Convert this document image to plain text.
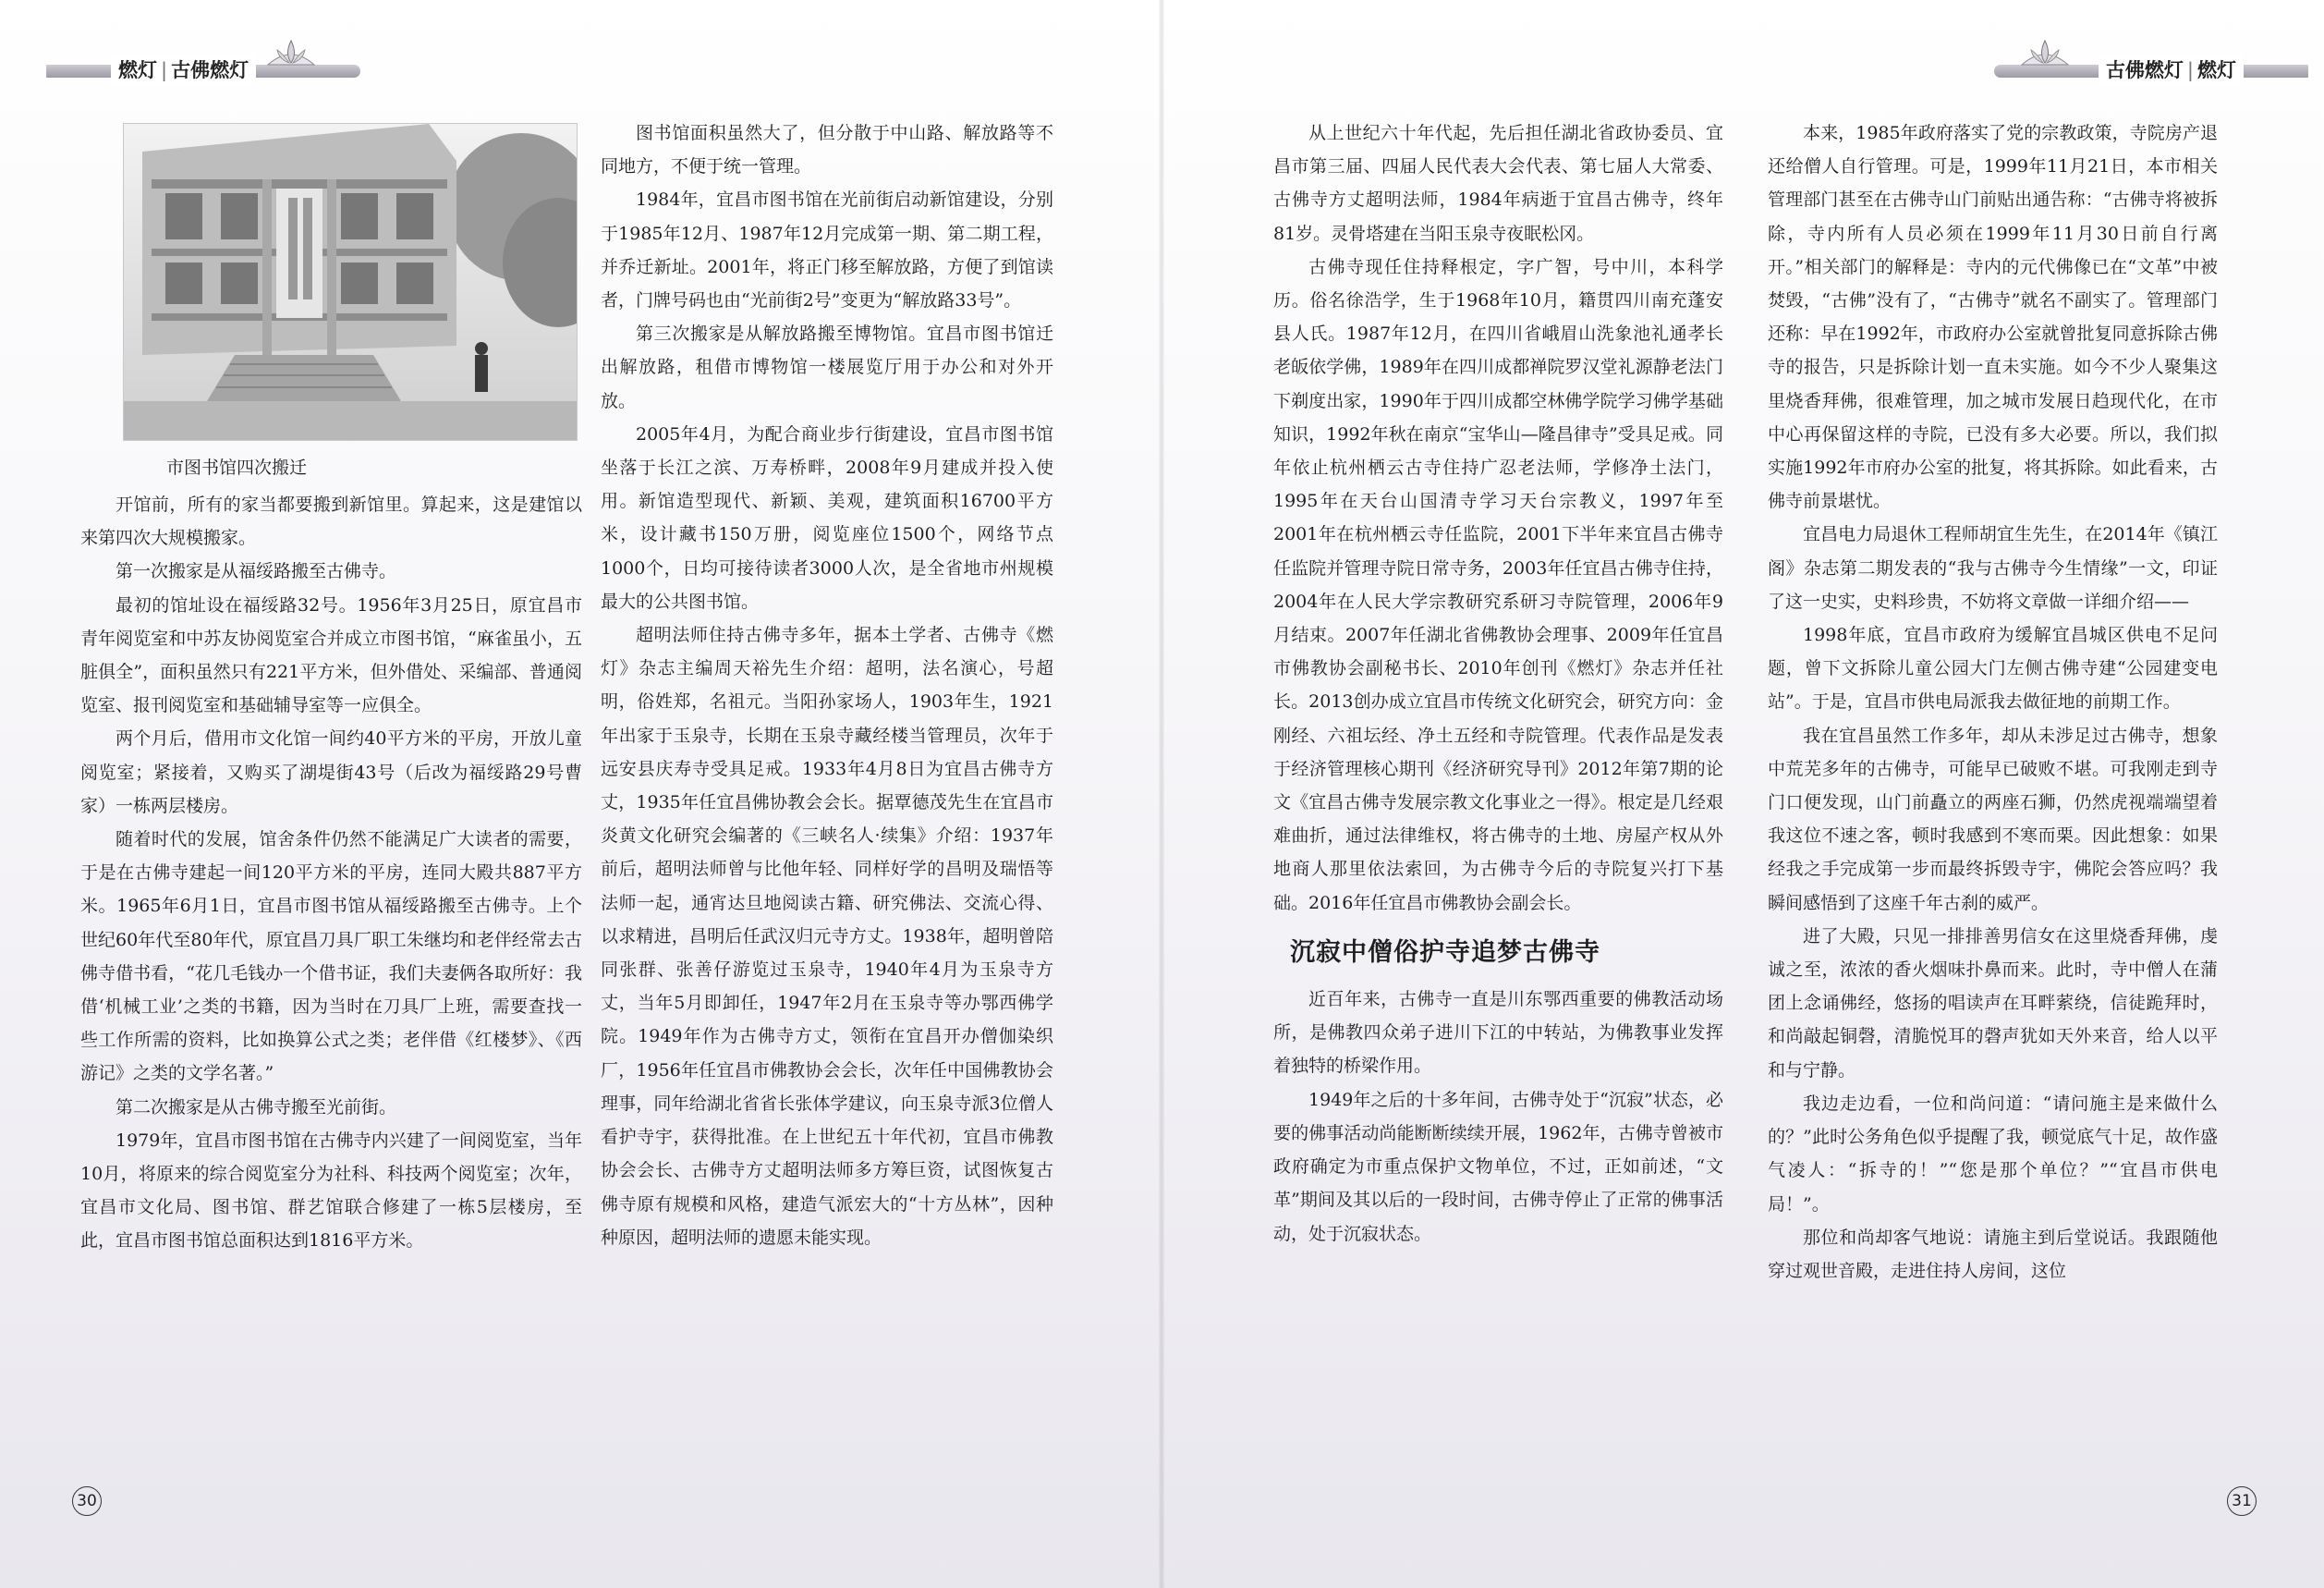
燃灯 | 古佛燃灯
市图书馆四次搬迁

开馆前，所有的家当都要搬到新馆里。算起来，这是建馆以来第四次大规模搬家。

第一次搬家是从福绥路搬至古佛寺。

最初的馆址设在福绥路32号。1956年3月25日，原宜昌市青年阅览室和中苏友协阅览室合并成立市图书馆，“麻雀虽小，五脏俱全”，面积虽然只有221平方米，但外借处、采编部、普通阅览室、报刊阅览室和基础辅导室等一应俱全。

两个月后，借用市文化馆一间约40平方米的平房，开放儿童阅览室；紧接着，又购买了湖堤街43号（后改为福绥路29号曹家）一栋两层楼房。

随着时代的发展，馆舍条件仍然不能满足广大读者的需要，于是在古佛寺建起一间120平方米的平房，连同大殿共887平方米。1965年6月1日，宜昌市图书馆从福绥路搬至古佛寺。上个世纪60年代至80年代，原宜昌刀具厂职工朱继均和老伴经常去古佛寺借书看，“花几毛钱办一个借书证，我们夫妻俩各取所好：我借‘机械工业’之类的书籍，因为当时在刀具厂上班，需要查找一些工作所需的资料，比如换算公式之类；老伴借《红楼梦》、《西游记》之类的文学名著。”

第二次搬家是从古佛寺搬至光前街。

1979年，宜昌市图书馆在古佛寺内兴建了一间阅览室，当年10月，将原来的综合阅览室分为社科、科技两个阅览室；次年，宜昌市文化局、图书馆、群艺馆联合修建了一栋5层楼房，至此，宜昌市图书馆总面积达到1816平方米。

图书馆面积虽然大了，但分散于中山路、解放路等不同地方，不便于统一管理。

1984年，宜昌市图书馆在光前街启动新馆建设，分别于1985年12月、1987年12月完成第一期、第二期工程，并乔迁新址。2001年，将正门移至解放路，方便了到馆读者，门牌号码也由“光前街2号”变更为“解放路33号”。

第三次搬家是从解放路搬至博物馆。宜昌市图书馆迁出解放路，租借市博物馆一楼展览厅用于办公和对外开放。

2005年4月，为配合商业步行街建设，宜昌市图书馆坐落于长江之滨、万寿桥畔，2008年9月建成并投入使用。新馆造型现代、新颖、美观，建筑面积16700平方米，设计藏书150万册，阅览座位1500个，网络节点1000个，日均可接待读者3000人次，是全省地市州规模最大的公共图书馆。

超明法师住持古佛寺多年，据本土学者、古佛寺《燃灯》杂志主编周天裕先生介绍：超明，法名演心，号超明，俗姓郑，名祖元。当阳孙家场人，1903年生，1921年出家于玉泉寺，长期在玉泉寺藏经楼当管理员，次年于远安县庆寿寺受具足戒。1933年4月8日为宜昌古佛寺方丈，1935年任宜昌佛协教会会长。据覃德茂先生在宜昌市炎黄文化研究会编著的《三峡名人·续集》介绍：1937年前后，超明法师曾与比他年轻、同样好学的昌明及瑞悟等法师一起，通宵达旦地阅读古籍、研究佛法、交流心得、以求精进，昌明后任武汉归元寺方丈。1938年，超明曾陪同张群、张善仔游览过玉泉寺，1940年4月为玉泉寺方丈，当年5月即卸任，1947年2月在玉泉寺等办鄂西佛学院。1949年作为古佛寺方丈，领衔在宜昌开办僧伽染织厂，1956年任宜昌市佛教协会会长，次年任中国佛教协会理事，同年给湖北省省长张体学建议，向玉泉寺派3位僧人看护寺宇，获得批准。在上世纪五十年代初，宜昌市佛教协会会长、古佛寺方丈超明法师多方筹巨资，试图恢复古佛寺原有规模和风格，建造气派宏大的“十方丛林”，因种种原因，超明法师的遗愿未能实现。

30
古佛燃灯 | 燃灯

从上世纪六十年代起，先后担任湖北省政协委员、宜昌市第三届、四届人民代表大会代表、第七届人大常委、古佛寺方丈超明法师，1984年病逝于宜昌古佛寺，终年81岁。灵骨塔建在当阳玉泉寺夜眠松冈。

古佛寺现任住持释根定，字广智，号中川，本科学历。俗名徐浩学，生于1968年10月，籍贯四川南充蓬安县人氏。1987年12月，在四川省峨眉山洗象池礼通孝长老皈依学佛，1989年在四川成都禅院罗汉堂礼源静老法门下剃度出家，1990年于四川成都空林佛学院学习佛学基础知识，1992年秋在南京“宝华山—隆昌律寺”受具足戒。同年依止杭州栖云古寺住持广忍老法师，学修净土法门，1995年在天台山国清寺学习天台宗教义，1997年至2001年在杭州栖云寺任监院，2001下半年来宜昌古佛寺任监院并管理寺院日常寺务，2003年任宜昌古佛寺住持，2004年在人民大学宗教研究系研习寺院管理，2006年9月结束。2007年任湖北省佛教协会理事、2009年任宜昌市佛教协会副秘书长、2010年创刊《燃灯》杂志并任社长。2013创办成立宜昌市传统文化研究会，研究方向：金刚经、六祖坛经、净土五经和寺院管理。代表作品是发表于经济管理核心期刊《经济研究导刊》2012年第7期的论文《宜昌古佛寺发展宗教文化事业之一得》。根定是几经艰难曲折，通过法律维权，将古佛寺的土地、房屋产权从外地商人那里依法索回，为古佛寺今后的寺院复兴打下基础。2016年任宜昌市佛教协会副会长。

沉寂中僧俗护寺追梦古佛寺

近百年来，古佛寺一直是川东鄂西重要的佛教活动场所，是佛教四众弟子进川下江的中转站，为佛教事业发挥着独特的桥梁作用。

1949年之后的十多年间，古佛寺处于“沉寂”状态，必要的佛事活动尚能断断续续开展，1962年，古佛寺曾被市政府确定为市重点保护文物单位，不过，正如前述，“文革”期间及其以后的一段时间，古佛寺停止了正常的佛事活动，处于沉寂状态。

本来，1985年政府落实了党的宗教政策，寺院房产退还给僧人自行管理。可是，1999年11月21日，本市相关管理部门甚至在古佛寺山门前贴出通告称：“古佛寺将被拆除，寺内所有人员必须在1999年11月30日前自行离开。”相关部门的解释是：寺内的元代佛像已在“文革”中被焚毁，“古佛”没有了，“古佛寺”就名不副实了。管理部门还称：早在1992年，市政府办公室就曾批复同意拆除古佛寺的报告，只是拆除计划一直未实施。如今不少人聚集这里烧香拜佛，很难管理，加之城市发展日趋现代化，在市中心再保留这样的寺院，已没有多大必要。所以，我们拟实施1992年市府办公室的批复，将其拆除。如此看来，古佛寺前景堪忧。

宜昌电力局退休工程师胡宜生先生，在2014年《镇江阁》杂志第二期发表的“我与古佛寺今生情缘”一文，印证了这一史实，史料珍贵，不妨将文章做一详细介绍——

1998年底，宜昌市政府为缓解宜昌城区供电不足问题，曾下文拆除儿童公园大门左侧古佛寺建“公园建变电站”。于是，宜昌市供电局派我去做征地的前期工作。

我在宜昌虽然工作多年，却从未涉足过古佛寺，想象中荒芜多年的古佛寺，可能早已破败不堪。可我刚走到寺门口便发现，山门前矗立的两座石狮，仍然虎视端端望着我这位不速之客，顿时我感到不寒而栗。因此想象：如果经我之手完成第一步而最终拆毁寺宇，佛陀会答应吗？我瞬间感悟到了这座千年古刹的威严。

进了大殿，只见一排排善男信女在这里烧香拜佛，虔诚之至，浓浓的香火烟味扑鼻而来。此时，寺中僧人在蒲团上念诵佛经，悠扬的唱读声在耳畔萦绕，信徒跪拜时，和尚敲起铜磬，清脆悦耳的磬声犹如天外来音，给人以平和与宁静。

我边走边看，一位和尚问道：“请问施主是来做什么的？”此时公务角色似乎提醒了我，顿觉底气十足，故作盛气凌人：“拆寺的！”“您是那个单位？”“宜昌市供电局！”。

那位和尚却客气地说：请施主到后堂说话。我跟随他穿过观世音殿，走进住持人房间，这位

31
